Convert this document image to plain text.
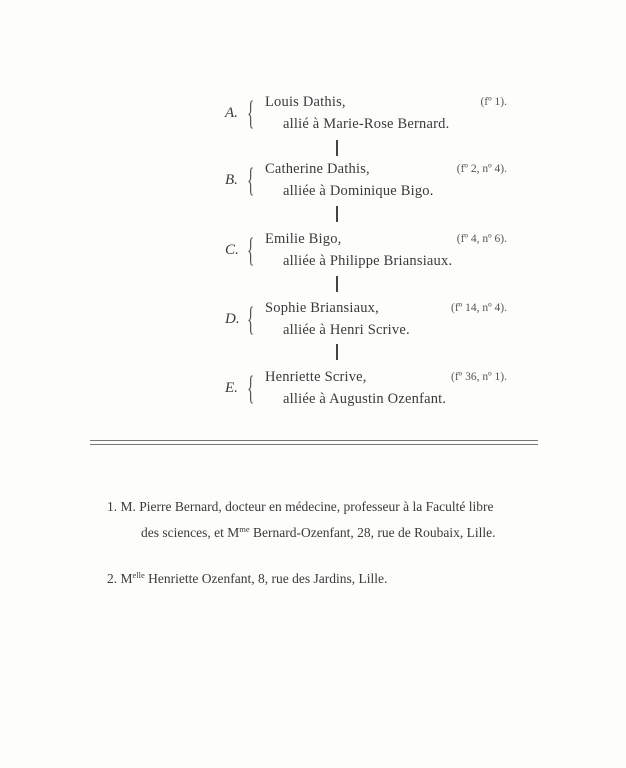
A. { Louis Dathis,
allié à Marie-Rose Bernard.
(fº 1).
B. { Catherine Dathis,
alliée à Dominique Bigo.
(fº 2, nº 4).
C. { Emilie Bigo,
alliée à Philippe Briansiaux.
(fº 4, nº 6).
D. { Sophie Briansiaux,
alliée à Henri Scrive.
(fº 14, nº 4).
E. { Henriette Scrive,
alliée à Augustin Ozenfant.
(fº 36, nº 1).
1. M. Pierre Bernard, docteur en médecine, professeur à la Faculté libre
des sciences, et $M^{me}$ Bernard-Ozenfant, 28, rue de Roubaix, Lille.
2. $M^{elle}$ Henriette Ozenfant, 8, rue des Jardins, Lille.
